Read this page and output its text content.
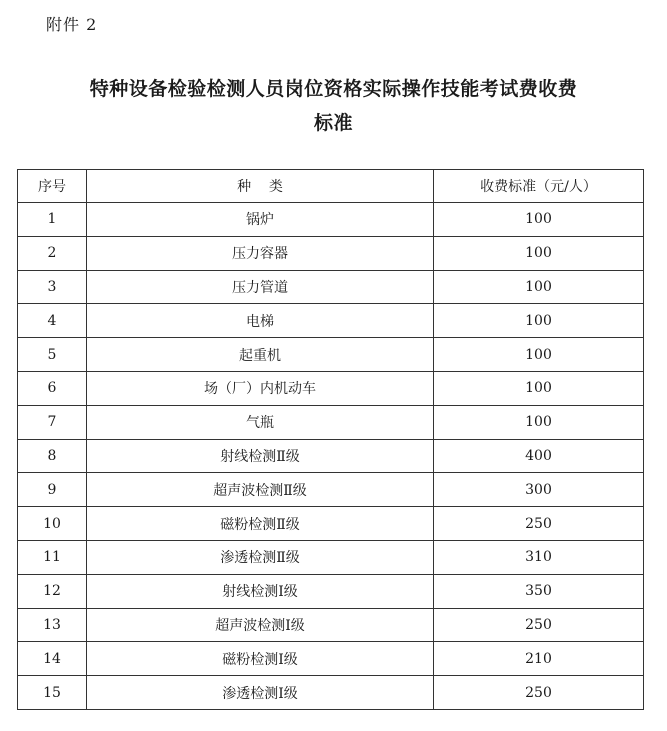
附件 2
特种设备检验检测人员岗位资格实际操作技能考试费收费
标准
序号	种    类	收费标准（元/人）
1	锅炉	100
2	压力容器	100
3	压力管道	100
4	电梯	100
5	起重机	100
6	场（厂）内机动车	100
7	气瓶	100
8	射线检测Ⅱ级	400
9	超声波检测Ⅱ级	300
10	磁粉检测Ⅱ级	250
11	渗透检测Ⅱ级	310
12	射线检测Ⅰ级	350
13	超声波检测Ⅰ级	250
14	磁粉检测Ⅰ级	210
15	渗透检测Ⅰ级	250
